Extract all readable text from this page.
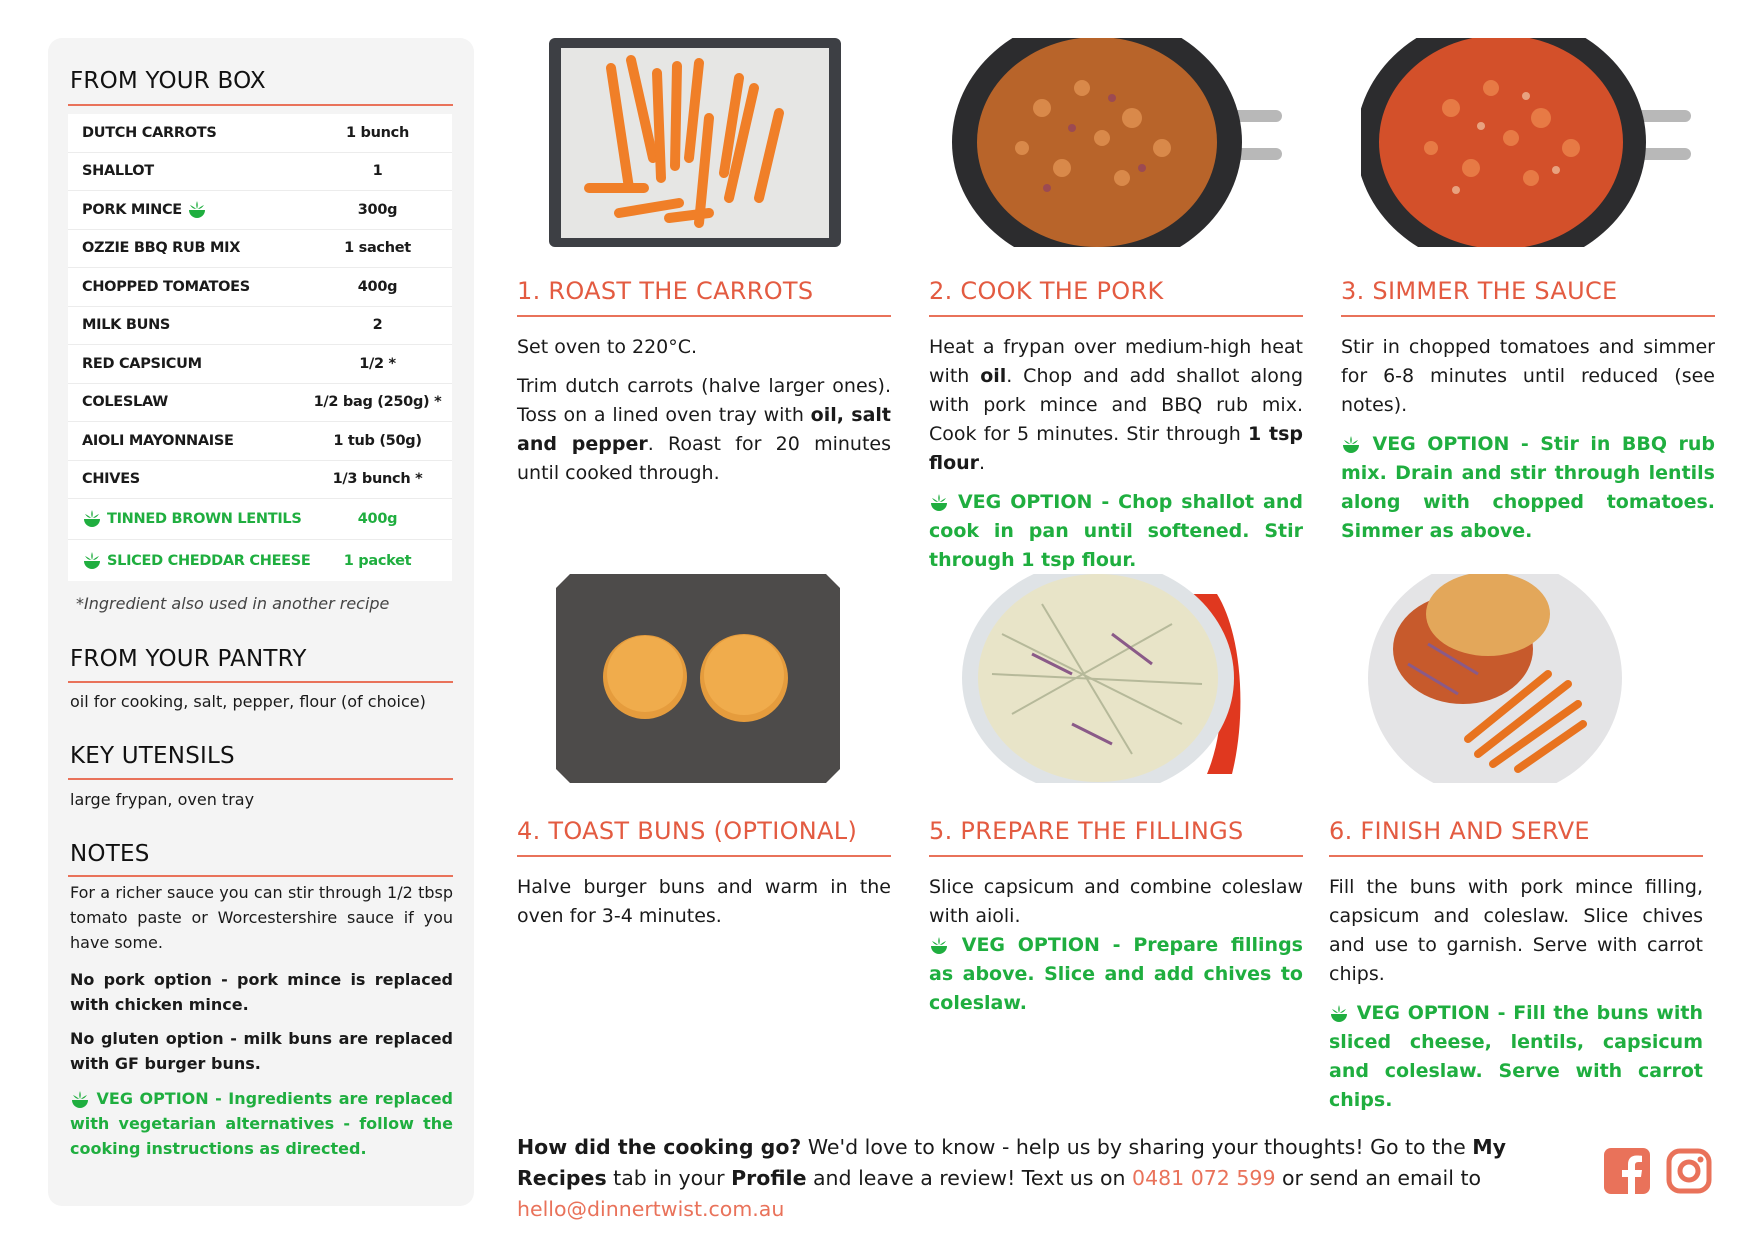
FROM YOUR BOX
DUTCH CARROTS	1 bunch
SHALLOT	1
PORK MINCE	300g
OZZIE BBQ RUB MIX	1 sachet
CHOPPED TOMATOES	400g
MILK BUNS	2
RED CAPSICUM	1/2 *
COLESLAW	1/2 bag (250g) *
AIOLI MAYONNAISE	1 tub (50g)
CHIVES	1/3 bunch *
TINNED BROWN LENTILS	400g
SLICED CHEDDAR CHEESE	1 packet
*Ingredient also used in another recipe
FROM YOUR PANTRY
oil for cooking, salt, pepper, flour (of choice)
KEY UTENSILS
large frypan, oven tray
NOTES
For a richer sauce you can stir through 1/2 tbsp tomato paste or Worcestershire sauce if you have some.
No pork option - pork mince is replaced with chicken mince.
No gluten option - milk buns are replaced with GF burger buns.
VEG OPTION - Ingredients are replaced with vegetarian alternatives - follow the cooking instructions as directed.
1. ROAST THE CARROTS

Set oven to 220°C.

Trim dutch carrots (halve larger ones). Toss on a lined oven tray with oil, salt and pepper. Roast for 20 minutes until cooked through.

2. COOK THE PORK

Heat a frypan over medium-high heat with oil. Chop and add shallot along with pork mince and BBQ rub mix. Cook for 5 minutes. Stir through 1 tsp flour.

VEG OPTION - Chop shallot and cook in pan until softened. Stir through 1 tsp flour.

3. SIMMER THE SAUCE

Stir in chopped tomatoes and simmer for 6-8 minutes until reduced (see notes).

VEG OPTION - Stir in BBQ rub mix. Drain and stir through lentils along with chopped tomatoes. Simmer as above.

4. TOAST BUNS (OPTIONAL)

Halve burger buns and warm in the oven for 3-4 minutes.

5. PREPARE THE FILLINGS

Slice capsicum and combine coleslaw with aioli.

VEG OPTION - Prepare fillings as above. Slice and add chives to coleslaw.

6. FINISH AND SERVE

Fill the buns with pork mince filling, capsicum and coleslaw. Slice chives and use to garnish. Serve with carrot chips.

VEG OPTION - Fill the buns with sliced cheese, lentils, capsicum and coleslaw. Serve with carrot chips.

How did the cooking go? We'd love to know - help us by sharing your thoughts! Go to the My Recipes tab in your Profile and leave a review! Text us on 0481 072 599 or send an email to hello@dinnertwist.com.au
